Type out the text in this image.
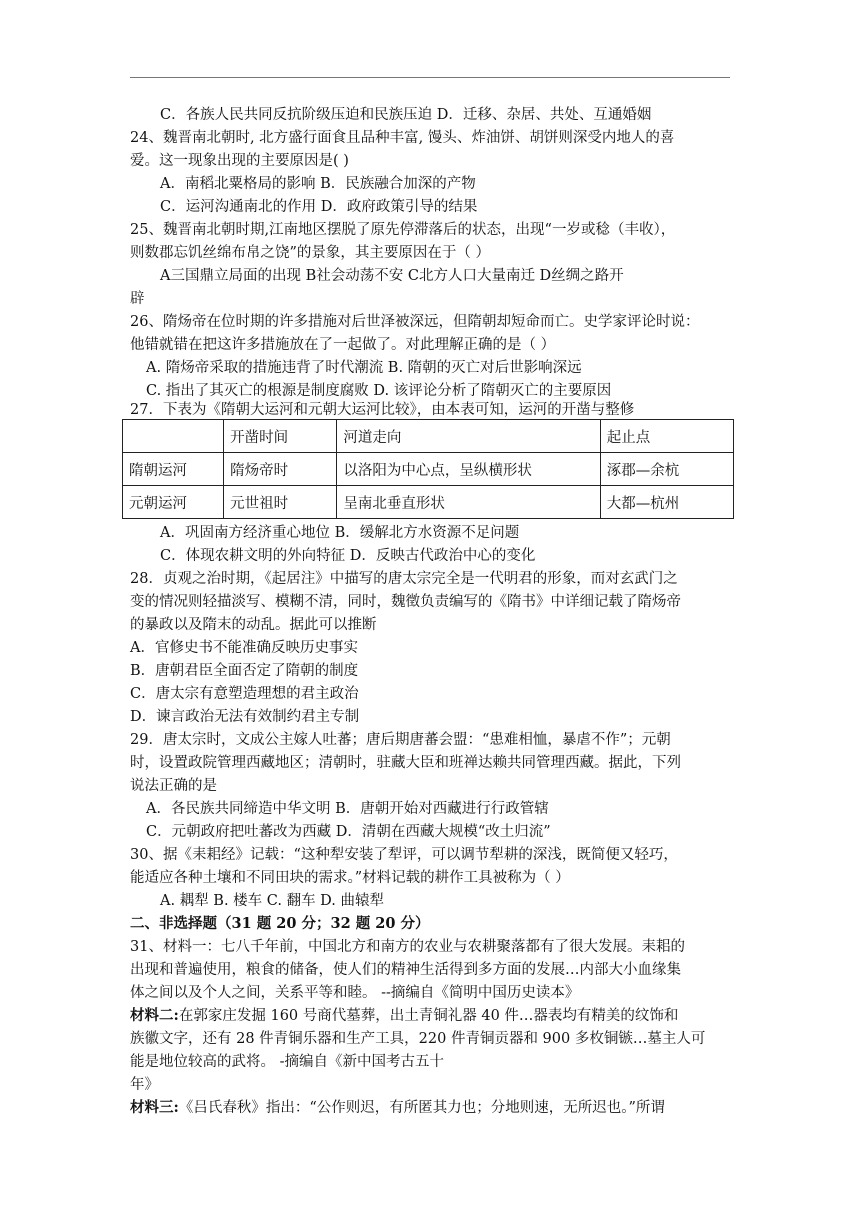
C．各族人民共同反抗阶级压迫和民族压迫 D．迁移、杂居、共处、互通婚姻
24、魏晋南北朝时, 北方盛行面食且品种丰富, 馒头、炸油饼、胡饼则深受内地人的喜
爱。这一现象出现的主要原因是( )
A．南稻北粟格局的影响 B．民族融合加深的产物
C．运河沟通南北的作用 D．政府政策引导的结果
25、魏晋南北朝时期,江南地区摆脱了原先停滞落后的状态，出现“一岁或稔（丰收），
则数郡忘饥丝绵布帛之饶”的景象，其主要原因在于（ ）
A三国鼎立局面的出现 B社会动荡不安 C北方人口大量南迁 D丝绸之路开
辟
26、隋炀帝在位时期的许多措施对后世泽被深远，但隋朝却短命而亡。史学家评论时说：
他错就错在把这许多措施放在了一起做了。对此理解正确的是（ ）
A. 隋炀帝采取的措施违背了时代潮流 B. 隋朝的灭亡对后世影响深远
C. 指出了其灭亡的根源是制度腐败 D. 该评论分析了隋朝灭亡的主要原因
27．下表为《隋朝大运河和元朝大运河比较》，由本表可知，运河的开凿与整修
	开凿时间	河道走向	起止点
隋朝运河	隋炀帝时	以洛阳为中心点，呈纵横形状	涿郡—余杭
元朝运河	元世祖时	呈南北垂直形状	大都—杭州
A．巩固南方经济重心地位 B．缓解北方水资源不足问题
C．体现农耕文明的外向特征 D．反映古代政治中心的变化
28．贞观之治时期，《起居注》中描写的唐太宗完全是一代明君的形象，而对玄武门之
变的情况则轻描淡写、模糊不清，同时，魏徵负责编写的《隋书》中详细记载了隋炀帝
的暴政以及隋末的动乱。据此可以推断
A．官修史书不能准确反映历史事实
B．唐朝君臣全面否定了隋朝的制度
C．唐太宗有意塑造理想的君主政治
D．谏言政治无法有效制约君主专制
29．唐太宗时，文成公主嫁人吐蕃；唐后期唐蕃会盟：“患难相恤，暴虐不作”；元朝
时，设置政院管理西藏地区；清朝时，驻藏大臣和班禅达赖共同管理西藏。据此，下列
说法正确的是
A．各民族共同缔造中华文明 B．唐朝开始对西藏进行行政管辖
C．元朝政府把吐蕃改为西藏 D．清朝在西藏大规模“改土归流”
30、据《耒耜经》记载：“这种犁安装了犁评，可以调节犁耕的深浅，既简便又轻巧，
能适应各种土壤和不同田块的需求。”材料记载的耕作工具被称为（ ）
A. 耦犁 B. 楼车 C. 翻车 D. 曲辕犁
二、非选择题（31 题 20 分；32 题 20 分）
31、材料一：七八千年前，中国北方和南方的农业与农耕聚落都有了很大发展。耒耜的
出现和普遍使用，粮食的储备，使人们的精神生活得到多方面的发展…内部大小血缘集
体之间以及个人之间，关系平等和睦。 --摘编自《简明中国历史读本》
材料二:在郭家庄发掘 160 号商代墓葬，出土青铜礼器 40 件…器表均有精美的纹饰和
族徽文字，还有 28 件青铜乐器和生产工具，220 件青铜贡器和 900 多枚铜镞…墓主人可
能是地位较高的武将。 -摘编自《新中国考古五十
年》
材料三:《吕氏春秋》指出：“公作则迟，有所匿其力也；分地则速，无所迟也。”所谓
